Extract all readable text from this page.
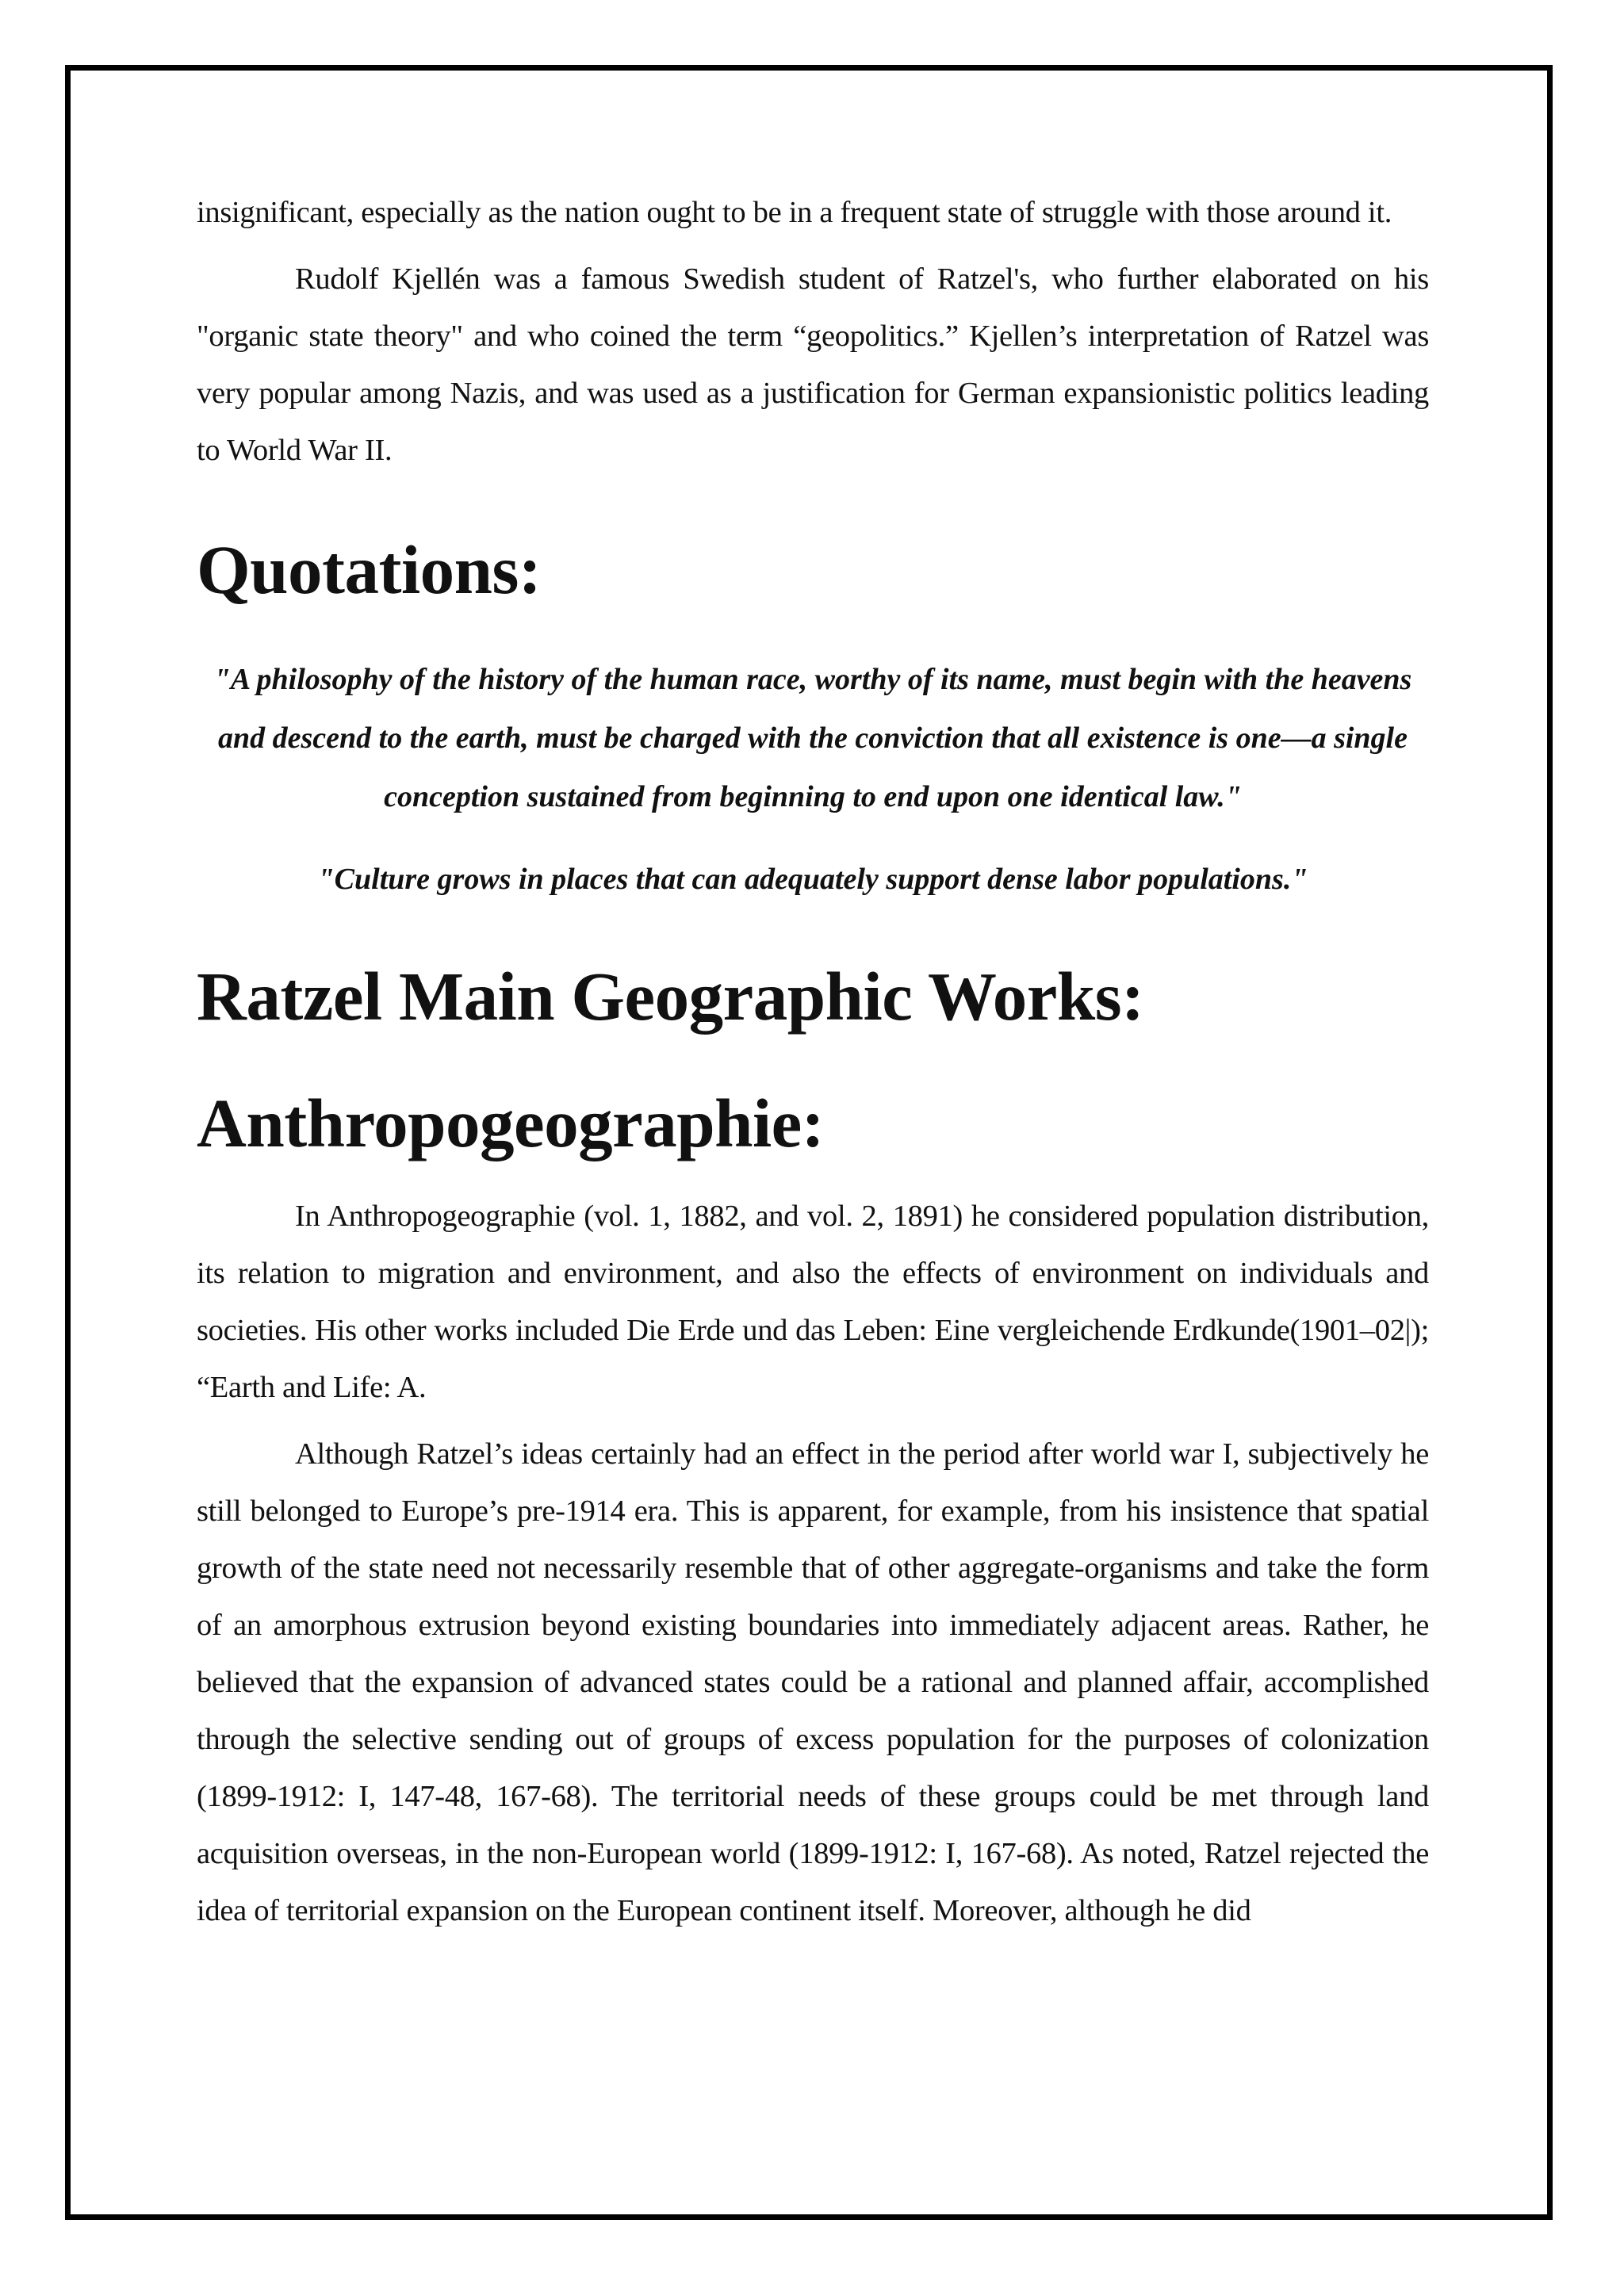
insignificant, especially as the nation ought to be in a frequent state of struggle with those around it.

Rudolf Kjellén was a famous Swedish student of Ratzel's, who further elaborated on his "organic state theory" and who coined the term “geopolitics.” Kjellen’s interpretation of Ratzel was very popular among Nazis, and was used as a justification for German expansionistic politics leading to World War II.

Quotations:

"A philosophy of the history of the human race, worthy of its name, must begin with the heavens and descend to the earth, must be charged with the conviction that all existence is one—a single conception sustained from beginning to end upon one identical law."

"Culture grows in places that can adequately support dense labor populations."

Ratzel Main Geographic Works:
Anthropogeographie:

In Anthropogeographie (vol. 1, 1882, and vol. 2, 1891) he considered population distribution, its relation to migration and environment, and also the effects of environment on individuals and societies. His other works included Die Erde und das Leben: Eine vergleichende Erdkunde(1901–02|); “Earth and Life: A.

Although Ratzel’s ideas certainly had an effect in the period after world war I, subjectively he still belonged to Europe’s pre-1914 era. This is apparent, for example, from his insistence that spatial growth of the state need not necessarily resemble that of other aggregate-organisms and take the form of an amorphous extrusion beyond existing boundaries into immediately adjacent areas. Rather, he believed that the expansion of advanced states could be a rational and planned affair, accomplished through the selective sending out of groups of excess population for the purposes of colonization (1899-1912: I, 147-48, 167-68). The territorial needs of these groups could be met through land acquisition overseas, in the non-European world (1899-1912: I, 167-68). As noted, Ratzel rejected the idea of territorial expansion on the European continent itself. Moreover, although he did
